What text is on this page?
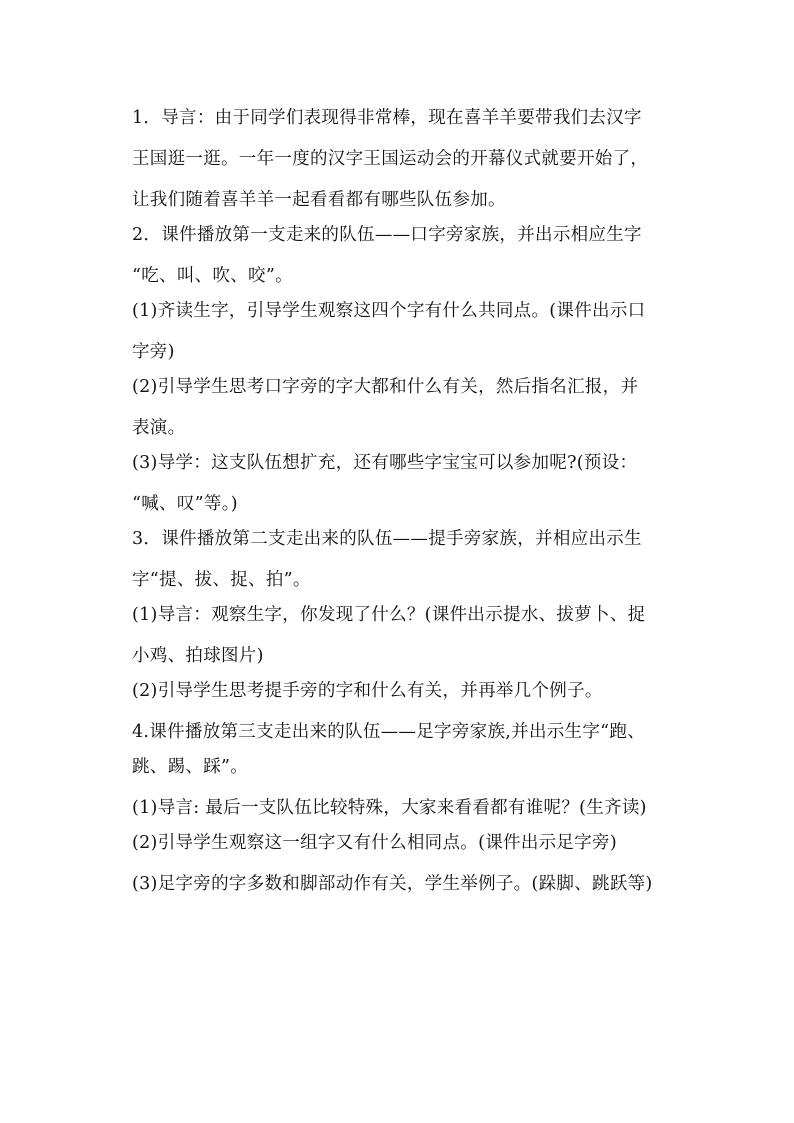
1．导言：由于同学们表现得非常棒，现在喜羊羊要带我们去汉字
王国逛一逛。一年一度的汉字王国运动会的开幕仪式就要开始了，
让我们随着喜羊羊一起看看都有哪些队伍参加。
2．课件播放第一支走来的队伍——口字旁家族，并出示相应生字
“吃、叫、吹、咬”。
(1)齐读生字，引导学生观察这四个字有什么共同点。(课件出示口
字旁)
(2)引导学生思考口字旁的字大都和什么有关，然后指名汇报，并
表演。
(3)导学：这支队伍想扩充，还有哪些字宝宝可以参加呢?(预设：
“喊、叹”等。)
3．课件播放第二支走出来的队伍——提手旁家族，并相应出示生
字“提、拔、捉、拍”。
(1)导言：观察生字，你发现了什么？(课件出示提水、拔萝卜、捉
小鸡、拍球图片)
(2)引导学生思考提手旁的字和什么有关，并再举几个例子。
4.课件播放第三支走出来的队伍——足字旁家族,并出示生字“跑、
跳、踢、踩”。
(1)导言: 最后一支队伍比较特殊，大家来看看都有谁呢？(生齐读)
(2)引导学生观察这一组字又有什么相同点。(课件出示足字旁)
(3)足字旁的字多数和脚部动作有关，学生举例子。(跺脚、跳跃等)
